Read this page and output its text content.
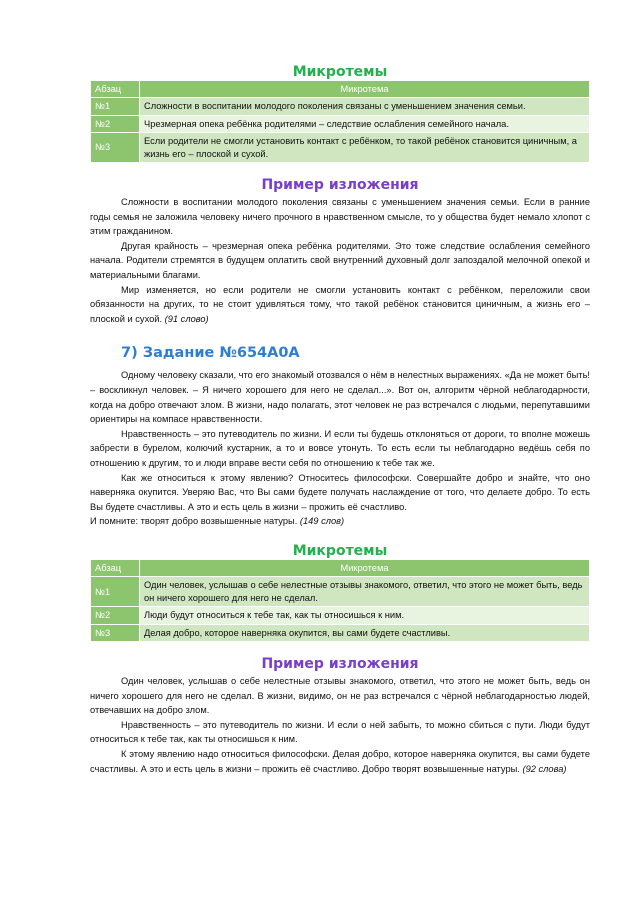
Микротемы
Абзац	Микротема
№1	Сложности в воспитании молодого поколения связаны с уменьшением значения семьи.
№2	Чрезмерная опека ребёнка родителями – следствие ослабления семейного начала.
№3	Если родители не смогли установить контакт с ребёнком, то такой ребёнок становится циничным, а жизнь его – плоской и сухой.
Пример изложения

Сложности в воспитании молодого поколения связаны с уменьшением значения семьи. Если в ранние годы семья не заложила человеку ничего прочного в нравственном смысле, то у общества будет немало хлопот с этим гражданином.

Другая крайность – чрезмерная опека ребёнка родителями. Это тоже следствие ослабления семейного начала. Родители стремятся в будущем оплатить свой внутренний духовный долг запоздалой мелочной опекой и материальными благами.

Мир изменяется, но если родители не смогли установить контакт с ребёнком, переложили свои обязанности на других, то не стоит удивляться тому, что такой ребёнок становится циничным, а жизнь его – плоской и сухой. (91 слово)

7) Задание №654A0A

Одному человеку сказали, что его знакомый отозвался о нём в нелестных выражениях. «Да не может быть! – воскликнул человек. – Я ничего хорошего для него не сделал...». Вот он, алгоритм чёрной неблагодарности, когда на добро отвечают злом. В жизни, надо полагать, этот человек не раз встречался с людьми, перепутавшими ориентиры на компасе нравственности.

Нравственность – это путеводитель по жизни. И если ты будешь отклоняться от дороги, то вполне можешь забрести в бурелом, колючий кустарник, а то и вовсе утонуть. То есть если ты неблагодарно ведёшь себя по отношению к другим, то и люди вправе вести себя по отношению к тебе так же.

Как же относиться к этому явлению? Относитесь философски. Совершайте добро и знайте, что оно наверняка окупится. Уверяю Вас, что Вы сами будете получать наслаждение от того, что делаете добро. То есть Вы будете счастливы. А это и есть цель в жизни – прожить её счастливо.

И помните: творят добро возвышенные натуры. (149 слов)

Микротемы
Абзац	Микротема
№1	Один человек, услышав о себе нелестные отзывы знакомого, ответил, что этого не может быть, ведь он ничего хорошего для него не сделал.
№2	Люди будут относиться к тебе так, как ты относишься к ним.
№3	Делая добро, которое наверняка окупится, вы сами будете счастливы.
Пример изложения

Один человек, услышав о себе нелестные отзывы знакомого, ответил, что этого не может быть, ведь он ничего хорошего для него не сделал. В жизни, видимо, он не раз встречался с чёрной неблагодарностью людей, отвечавших на добро злом.

Нравственность – это путеводитель по жизни. И если о ней забыть, то можно сбиться с пути. Люди будут относиться к тебе так, как ты относишься к ним.

К этому явлению надо относиться философски. Делая добро, которое наверняка окупится, вы сами будете счастливы. А это и есть цель в жизни – прожить её счастливо. Добро творят возвышенные натуры. (92 слова)
